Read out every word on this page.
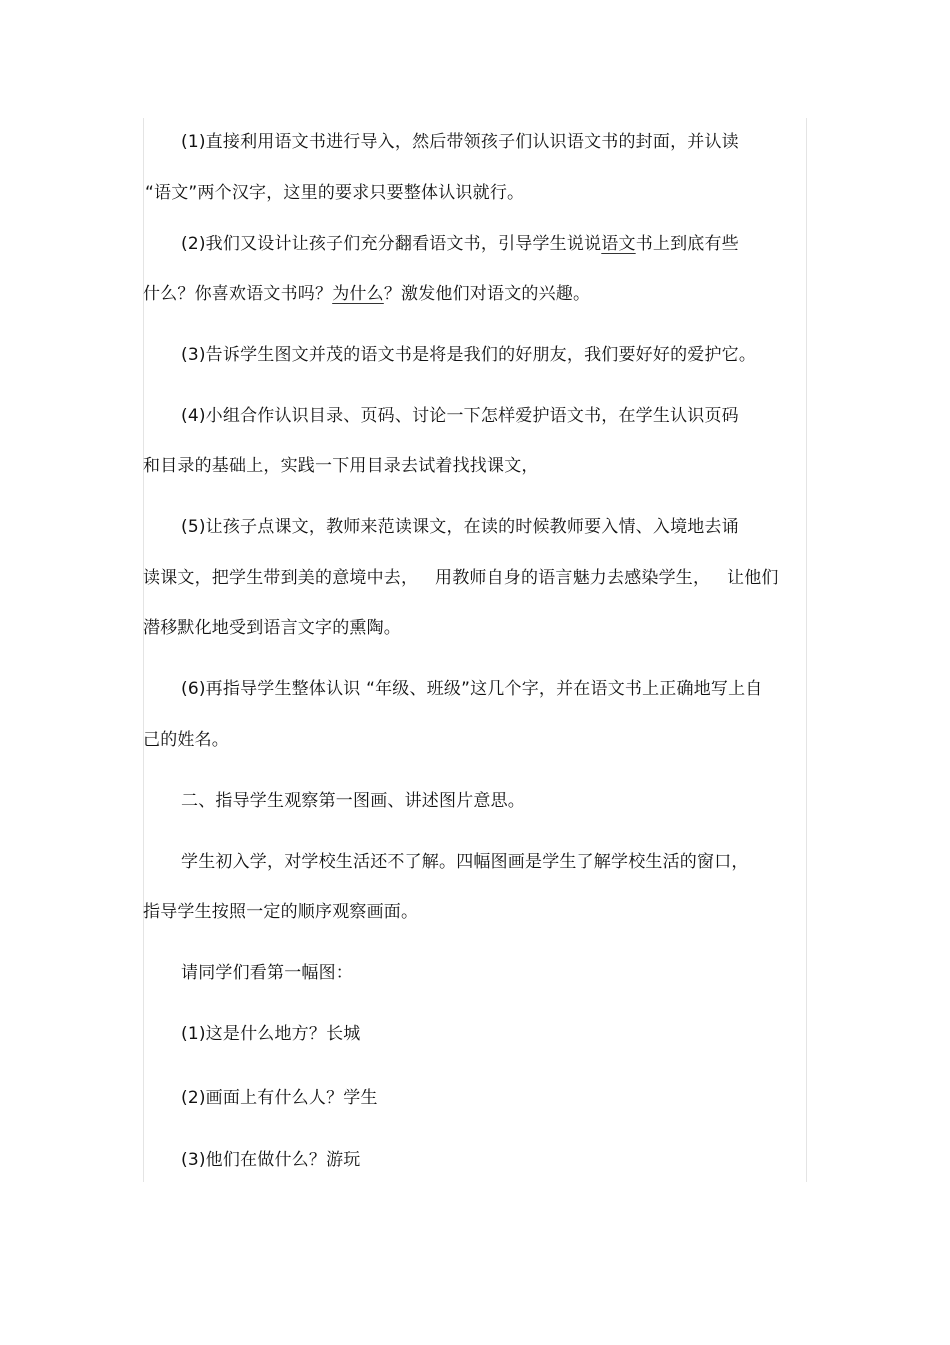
(1)直接利用语文书进行导入，然后带领孩子们认识语文书的封面，并认读
“语文”两个汉字，这里的要求只要整体认识就行。
(2)我们又设计让孩子们充分翻看语文书，引导学生说说语文书上到底有些
什么？你喜欢语文书吗？为什么？激发他们对语文的兴趣。
(3)告诉学生图文并茂的语文书是将是我们的好朋友，我们要好好的爱护它。
(4)小组合作认识目录、页码、讨论一下怎样爱护语文书，在学生认识页码
和目录的基础上，实践一下用目录去试着找找课文，
(5)让孩子点课文，教师来范读课文，在读的时候教师要入情、入境地去诵
读课文，把学生带到美的意境中去，   用教师自身的语言魅力去感染学生，   让他们
潜移默化地受到语言文字的熏陶。
(6)再指导学生整体认识 “年级、班级”这几个字，并在语文书上正确地写上自
己的姓名。
二、指导学生观察第一图画、讲述图片意思。
学生初入学，对学校生活还不了解。四幅图画是学生了解学校生活的窗口，
指导学生按照一定的顺序观察画面。
请同学们看第一幅图：
(1)这是什么地方？长城
(2)画面上有什么人？学生
(3)他们在做什么？游玩
